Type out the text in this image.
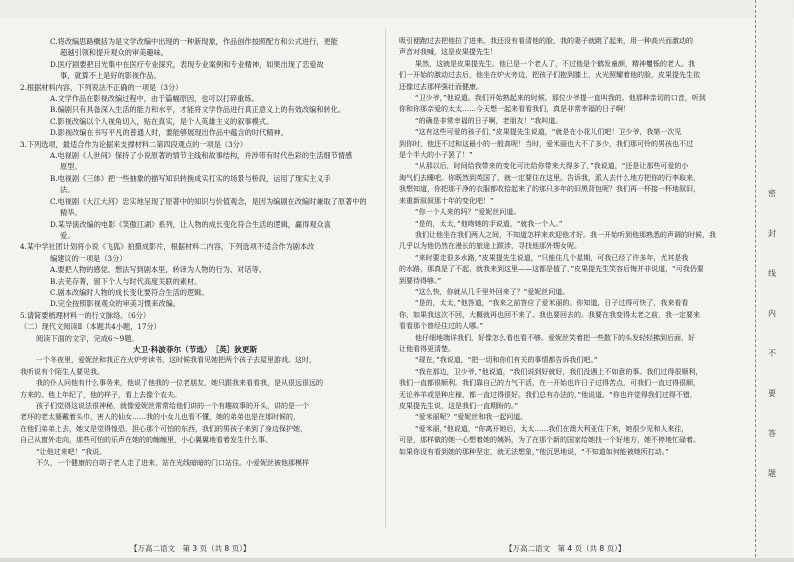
C.将改编思路概括为是文学改编中出现的一种新现象，作品创作按照配方和公式进行，更能
超越引领和提升观众的审美趣味。
D.医疗剧要把目光集中在医疗专业探究，表现专业案例和专业精神，如果出现了恋爱故
事，就算不上是好的影视作品。
2.根据材料内容，下列说法不正确的一项是（3分）
A.文学作品在影视改编过程中，由于篇幅原因，也可以打碎重练。
B.编剧只有具备深入生活的能力和水平，才能将文学作品进行真正意义上的有效改编和转化。
C.影视改编以个人视角切入，贴在真实，是个人英雄主义的叙事模式。
D.影视改编在书写平凡的普通人时，要能够展现出作品中蕴含的时代精神。
3.下列选项，最适合作为论据来支撑材料二第四段观点的一项是（3分）
A.电视剧《人世间》保持了小说原著的情节主线和故事结构，并涉带有时代色彩的生活细节情感
原型。
B.电视剧《三体》把一些抽象的描写知识转换成实打实的场景与桥段，运用了现实主义手
法。
C.电视剧《大江大河》忠实地呈现了原著中的知识与价值观念，是因为编剧在改编时兼取了原著中的
精华。
D.某导演改编的电影《笑傲江湖》系列，让人物的成长变化符合生活的逻辑，赢得观众喜
爱。
4.某中学社团计划将小说《飞狐》拍摄成影片，根据材料二内容，下列选项不适合作为剧本改
编建议的一项是（3分）
A.要把人物的感觉、想法写到剧本里，转译为人物的行为、对话等。
B.去芜存菁，留下个人与时代高度关联的素材。
C.剧本改编时人物的成长变化要符合生活的逻辑。
D.完全按照影视观众的审美习惯来改编。
5.请简要梳理材料一的行文脉络。（6分）
（二）现代文阅读Ⅱ（本题共4小题，17分）
阅读下面的文字，完成6～9题。
大卫·科波菲尔（节选）　［英］狄更斯
一个冬夜里，爱妮丝和我正在火炉旁读书，这时候我看见她把两个孩子去屋里游戏。这时，
我听说有个陌生人要见我。
我的仆人问他有什么事务来，他说了他我的一位老朋友，她只跟我来看看我，是从很远很远的
方来的。他上年纪了，他的样子，看上去像个农夫。
孩子们觉得这说法很神秘，就像爱妮丝常常给他们讲的一个有趣故事的开头，讲的是一个
老坏的老太婆戴着头巾，害人的仙女……我的小女儿也看不懂，她的弟弟也是在那时候的，
在他们弟弟上去，她又是觉得惶恐，担心那个可怕的东西，我们的男孩子来到了身边保护她，
自己从窗外走向，那些可怕的乐声在她的的缠缠里，小心翼翼地看着发生什么事。
“让他过来吧！”我说。
不久，一个健康的白胡子老人走了进来，站在光线暗暗的门口站住。小爱妮丝被他那模样
吸引便跑过去把他拉了进来。我还没有看清他的脸，我的妻子就跳了起来，用一种高兴而激动的
声音对我喊，这是皮果提先生！
果然，这就是皮果提先生。他已是一个老人了，不过他是个鹤发童颜，精神矍铄的老人。我
们一开始的激动过去后，他坐在炉火旁边，把孩子们抱到膝上，火光照耀着他的脸，皮果提先生依
还像过去那样强壮而健康。
“卫少爷，”他说道。我们开始熟起来的时候，那位少爷提一直叫我的。他那种亲切的口音，听到
你和你那亲爱的太太……今天想一起来看看我们，真是非常幸福的日子啊！
“的确是非常幸福的日子啊，老朋友！”我叫道。
“这有这些可爱的孩子们，”皮果提先生说道，“就是在小花儿们吧！卫少爷，我第一次见
到你时，他还不过和这最小的一般高呢！当时，爱米丽也大不了多少，我们那可怜的男孩也不过
是个半大的小子罢了！”
“从那以后，时间给我带来的变化可比给你带来大得多了，”我说道，“还是让那些可爱的小
淘气们去睡吧。你既然到英国了，就一定要住在这里。告诉我，派人去什么地方把你的行李取来，
我想知道，你把那干净的衣服都收拾起来了的那只多年的旧黑背包呢？我们再一杯接一杯地叙旧，
来重新叙叙那十年的变化吧！”
“你一个人来的吗？”爱妮丝问道。
“是的，太太，”他吻她的手说道，“就我一个人。”
我们让他坐在我们两人之间，不知道怎样来欢迎他才好。我一开始听到他那熟悉的声调的时候，我
几乎以为他仍然在漫长的旅途上跋涉，寻找他那外甥女呢。
“来时要走很多水路，”皮果提先生说道，“只能住几个星期，可我已经了许多年，尤其是我
的水路，那真是了不起，就我来到这里——这都是值了，”皮果提先生笑容后悔并非说道，“可我仍要
到要待得够。”
“这么快，你就从几千里外回来了？”爱妮丝问道。
“是的，太太，”他答道，“我来之前答应了爱米丽的。你知道，日子过得可快了，我来看看
你，如果我这次不回，大概就再也回不来了。我也要回去的。我要在我变得太老之前，我一定要来
看看那个曾经住过的人哪。”
他仔细地端详我们，好像怎么看也看不够。爱妮丝笑着把一些散下的头发轻轻拂到后面，好
让他看得更清楚。
“现在，”我说道，“把一切和你们有关的事情都告诉我们吧。”
“我在那边，卫少爷，”他说道，“我们说到好就好，我们没遇上不如意的事。我们过得很顺利，
我们一直都很顺利。我们靠自己的力气干活，在一开始也许日子过得苦点，可我们一直过得很顺，
无论养羊或是种庄稼，都一直过得很好。我们总有办法的，”他说道。“你也许觉得我们过得不错，
皮果提先生说，这是我们一直期盼的。”
“爱米丽呢？”爱妮丝和我一起问道。
“爱米丽，”他说道，“你离开她后，太太……我们在澳大利亚住下来，她很少见和人来往，
可是，那样做的她一心想着她的姨妈，为了在那个新的国家给她找一个好地方，她不停地忙碌着。
如果你没有看到她的那种坚定，就无法想象，”他沉思地说，“不知道如何能被她所打动。”
【万高二语文　第 3 页（共 8 页）】	【万高二语文　第 4 页（共 8 页）】
密
封
线
内
不
要
答
题
